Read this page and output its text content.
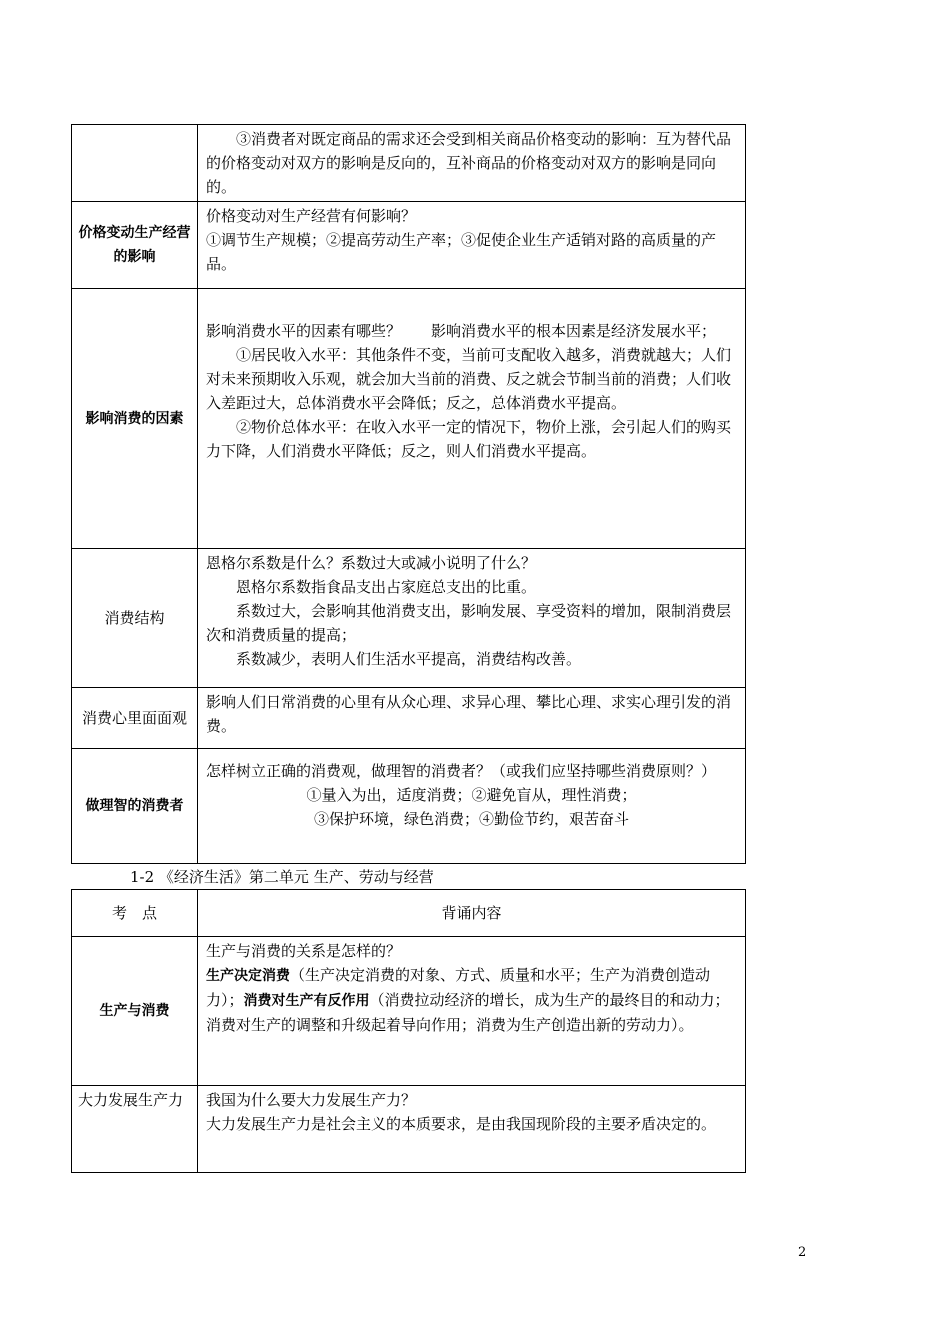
	③消费者对既定商品的需求还会受到相关商品价格变动的影响：互为替代品的价格变动对双方的影响是反向的，互补商品的价格变动对双方的影响是同向的。

价格变动生产经营的影响	价格变动对生产经营有何影响？

①调节生产规模；②提高劳动生产率；③促使企业生产适销对路的高质量的产品。

影响消费的因素	影响消费水平的因素有哪些？　　影响消费水平的根本因素是经济发展水平；

①居民收入水平：其他条件不变，当前可支配收入越多，消费就越大；人们对未来预期收入乐观，就会加大当前的消费、反之就会节制当前的消费；人们收入差距过大，总体消费水平会降低；反之，总体消费水平提高。

②物价总体水平：在收入水平一定的情况下，物价上涨，会引起人们的购买力下降，人们消费水平降低；反之，则人们消费水平提高。

消费结构	恩格尔系数是什么？系数过大或减小说明了什么？

恩格尔系数指食品支出占家庭总支出的比重。

系数过大，会影响其他消费支出，影响发展、享受资料的增加，限制消费层次和消费质量的提高；

系数减少，表明人们生活水平提高，消费结构改善。

消费心里面面观	影响人们日常消费的心里有从众心理、求异心理、攀比心理、求实心理引发的消费。

做理智的消费者	怎样树立正确的消费观，做理智的消费者？（或我们应坚持哪些消费原则？）

①量入为出，适度消费；②避免盲从，理性消费；

③保护环境，绿色消费；④勤俭节约，艰苦奋斗

1-2 《经济生活》第二单元 生产、劳动与经营
考　点	背诵内容
生产与消费	生产与消费的关系是怎样的？

生产决定消费（生产决定消费的对象、方式、质量和水平；生产为消费创造动力）；消费对生产有反作用（消费拉动经济的增长，成为生产的最终目的和动力；消费对生产的调整和升级起着导向作用；消费为生产创造出新的劳动力）。

大力发展生产力	我国为什么要大力发展生产力？

大力发展生产力是社会主义的本质要求，是由我国现阶段的主要矛盾决定的。

2
